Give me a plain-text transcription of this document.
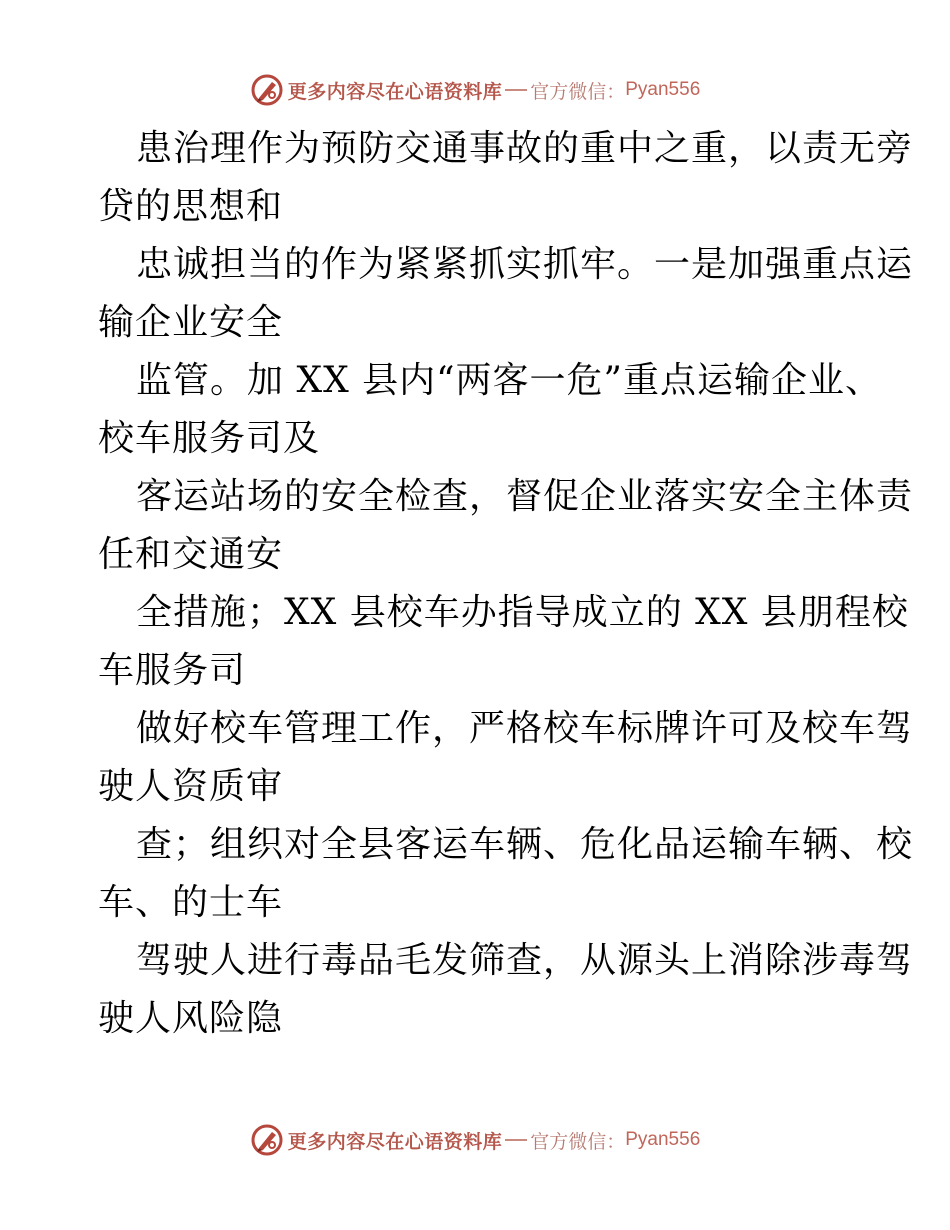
更多内容尽在心语资料库 官方微信： Pyan556
患治理作为预防交通事故的重中之重，以责无旁
贷的思想和
忠诚担当的作为紧紧抓实抓牢。一是加强重点运
输企业安全
监管。加 XX 县内“两客一危”重点运输企业、
校车服务司及
客运站场的安全检查，督促企业落实安全主体责
任和交通安
全措施；XX 县校车办指导成立的 XX 县朋程校
车服务司
做好校车管理工作，严格校车标牌许可及校车驾
驶人资质审
查；组织对全县客运车辆、危化品运输车辆、校
车、的士车
驾驶人进行毒品毛发筛查，从源头上消除涉毒驾
驶人风险隐
更多内容尽在心语资料库 官方微信： Pyan556
